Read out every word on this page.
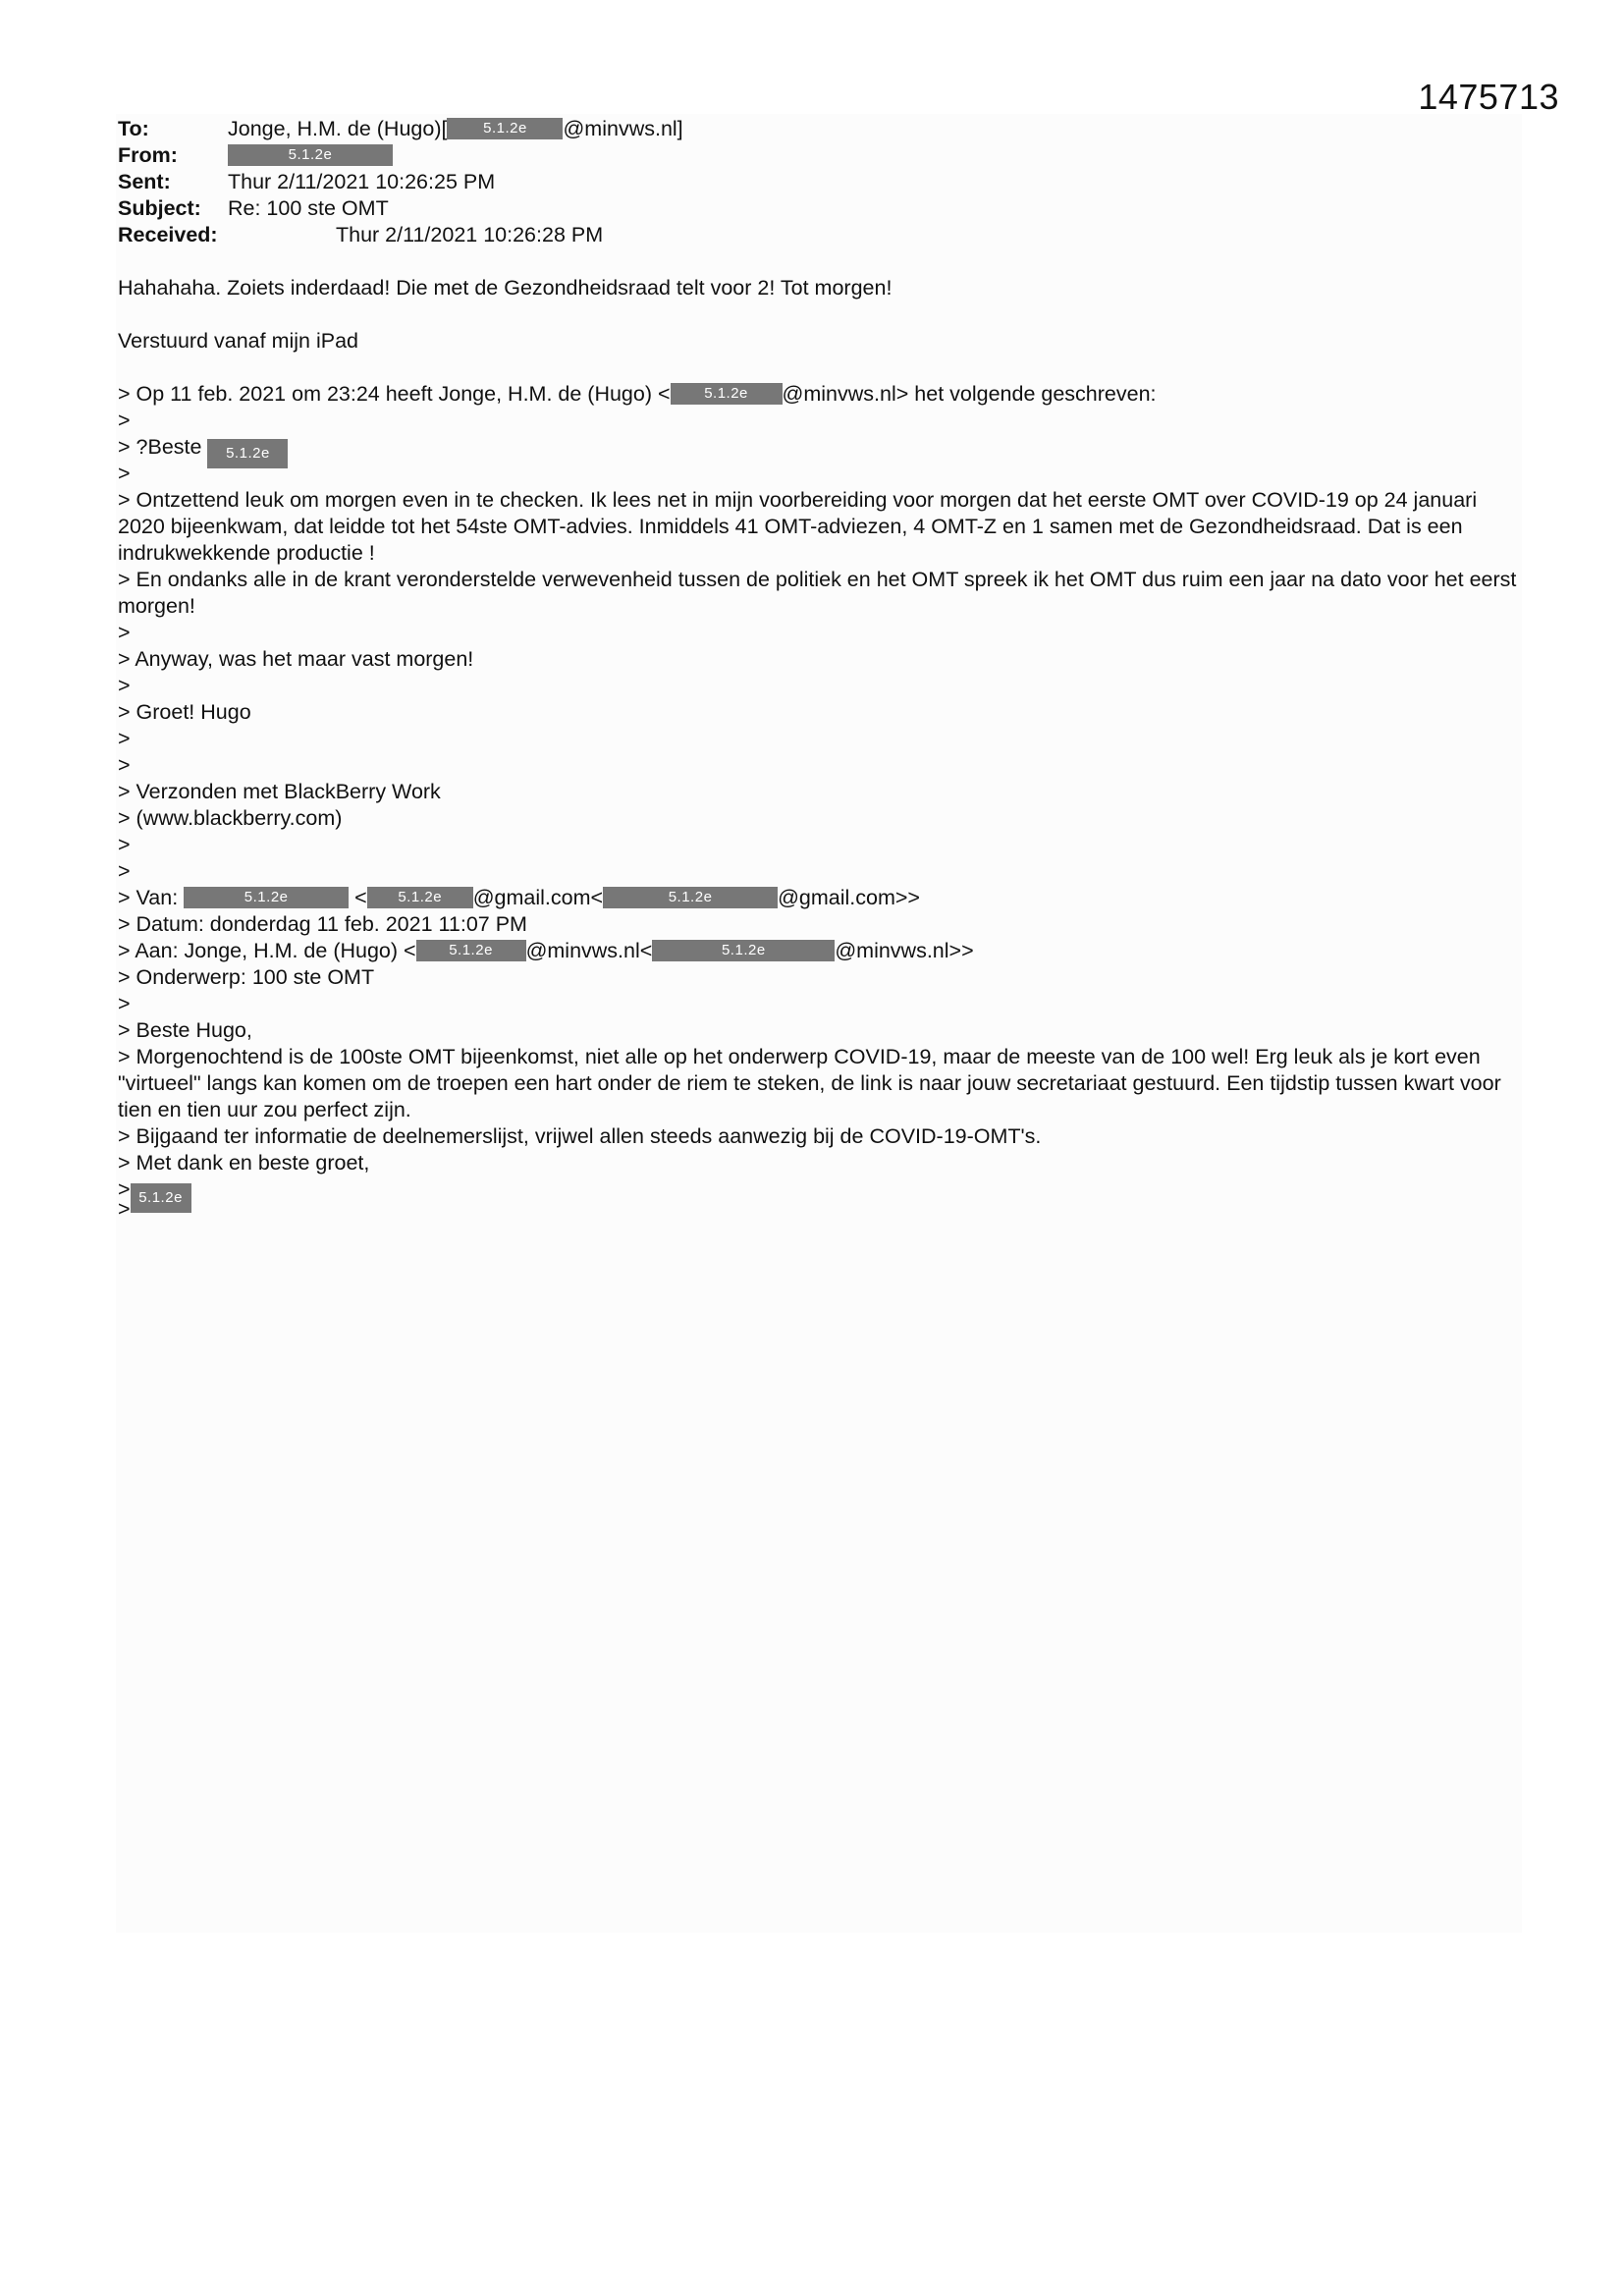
1475713
To:	Jonge, H.M. de (Hugo)[ 5.1.2e @minvws.nl]
From:	5.1.2e
Sent:	Thur 2/11/2021 10:26:25 PM
Subject: Re: 100 ste OMT
Received:	Thur 2/11/2021 10:26:28 PM
Hahahaha. Zoiets inderdaad! Die met de Gezondheidsraad telt voor 2! Tot morgen!
Verstuurd vanaf mijn iPad
> Op 11 feb. 2021 om 23:24 heeft Jonge, H.M. de (Hugo) < 5.1.2e @minvws.nl> het volgende geschreven:
>
> ?Beste 5.1.2e
>
> Ontzettend leuk om morgen even in te checken. Ik lees net in mijn voorbereiding voor morgen dat het eerste OMT over COVID-19 op 24 januari 2020 bijeenkwam, dat leidde tot het 54ste OMT-advies. Inmiddels 41 OMT-adviezen, 4 OMT-Z en 1 samen met de Gezondheidsraad. Dat is een indrukwekkende productie !
> En ondanks alle in de krant veronderstelde verwevenheid tussen de politiek en het OMT spreek ik het OMT dus ruim een jaar na dato voor het eerst morgen!
>
> Anyway, was het maar vast morgen!
>
> Groet! Hugo
>
>
> Verzonden met BlackBerry Work
> (www.blackberry.com)
>
>
> Van:	5.1.2e	< 5.1.2e @gmail.com<	5.1.2e	@gmail.com>>
> Datum: donderdag 11 feb. 2021 11:07 PM
> Aan: Jonge, H.M. de (Hugo) < 5.1.2e @minvws.nl<	5.1.2e	@minvws.nl>>
> Onderwerp: 100 ste OMT
>
> Beste Hugo,
> Morgenochtend is de 100ste OMT bijeenkomst, niet alle op het onderwerp COVID-19, maar de meeste van de 100 wel! Erg leuk als je kort even "virtueel" langs kan komen om de troepen een hart onder de riem te steken, de link is naar jouw secretariaat gestuurd. Een tijdstip tussen kwart voor tien en tien uur zou perfect zijn.
> Bijgaand ter informatie de deelnemerslijst, vrijwel allen steeds aanwezig bij de COVID-19-OMT's.
> Met dank en beste groet,
> 5.1.2e
>
